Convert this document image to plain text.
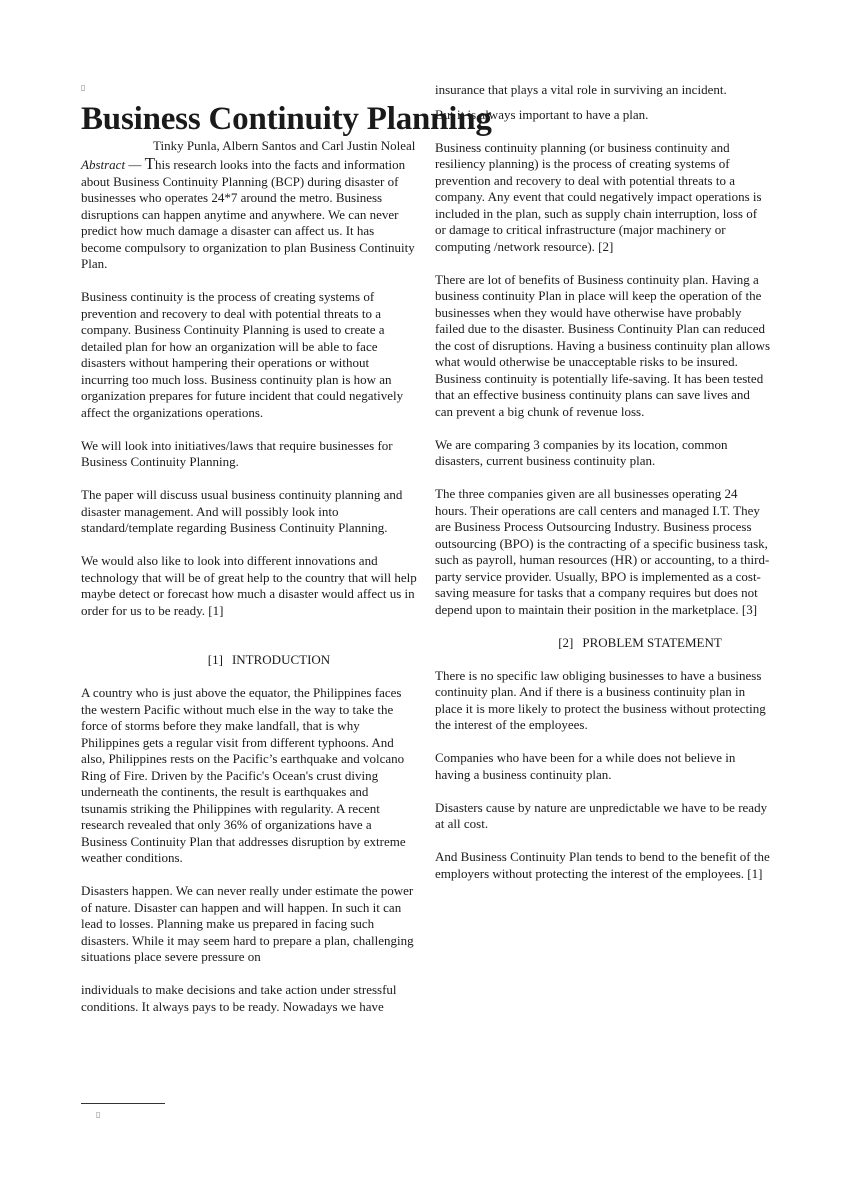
▯
Business Continuity Planning
Tinky Punla, Albern Santos and Carl Justin Noleal

Abstract — This research looks into the facts and information about Business Continuity Planning (BCP) during disaster of businesses who operates 24*7 around the metro. Business disruptions can happen anytime and anywhere. We can never predict how much damage a disaster can affect us. It has become compulsory to organization to plan Business Continuity Plan.

Business continuity is the process of creating systems of prevention and recovery to deal with potential threats to a company. Business Continuity Planning is used to create a detailed plan for how an organization will be able to face disasters without hampering their operations or without incurring too much loss. Business continuity plan is how an organization prepares for future incident that could negatively affect the organizations operations.

We will look into initiatives/laws that require businesses for Business Continuity Planning.

The paper will discuss usual business continuity planning and disaster management. And will possibly look into standard/template regarding Business Continuity Planning.

We would also like to look into different innovations and technology that will be of great help to the country that will help maybe detect or forecast how much a disaster would affect us in order for us to be ready. [1]

[1] INTRODUCTION

A country who is just above the equator, the Philippines faces the western Pacific without much else in the way to take the force of storms before they make landfall, that is why Philippines gets a regular visit from different typhoons. And also, Philippines rests on the Pacific’s earthquake and volcano Ring of Fire. Driven by the Pacific's Ocean's crust diving underneath the continents, the result is earthquakes and tsunamis striking the Philippines with regularity. A recent research revealed that only 36% of organizations have a Business Continuity Plan that addresses disruption by extreme weather conditions.

Disasters happen. We can never really under estimate the power of nature. Disaster can happen and will happen. In such it can lead to losses. Planning make us prepared in facing such disasters. While it may seem hard to prepare a plan, challenging situations place severe pressure on

individuals to make decisions and take action under stressful conditions. It always pays to be ready. Nowadays we have

insurance that plays a vital role in surviving an incident.

But it is always important to have a plan.

Business continuity planning (or business continuity and resiliency planning) is the process of creating systems of prevention and recovery to deal with potential threats to a company. Any event that could negatively impact operations is included in the plan, such as supply chain interruption, loss of or damage to critical infrastructure (major machinery or computing /network resource). [2]

There are lot of benefits of Business continuity plan. Having a business continuity Plan in place will keep the operation of the businesses when they would have otherwise have probably failed due to the disaster. Business Continuity Plan can reduced the cost of disruptions. Having a business continuity plan allows what would otherwise be unacceptable risks to be insured. Business continuity is potentially life-saving. It has been tested that an effective business continuity plans can save lives and can prevent a big chunk of revenue loss.

We are comparing 3 companies by its location, common disasters, current business continuity plan.

The three companies given are all businesses operating 24 hours. Their operations are call centers and managed I.T. They are Business Process Outsourcing Industry. Business process outsourcing (BPO) is the contracting of a specific business task, such as payroll, human resources (HR) or accounting, to a third-party service provider. Usually, BPO is implemented as a cost-saving measure for tasks that a company requires but does not depend upon to maintain their position in the marketplace. [3]

[2] PROBLEM STATEMENT

There is no specific law obliging businesses to have a business continuity plan. And if there is a business continuity plan in place it is more likely to protect the business without protecting the interest of the employees.

Companies who have been for a while does not believe in having a business continuity plan.

Disasters cause by nature are unpredictable we have to be ready at all cost.

And Business Continuity Plan tends to bend to the benefit of the employers without protecting the interest of the employees. [1]

▯
